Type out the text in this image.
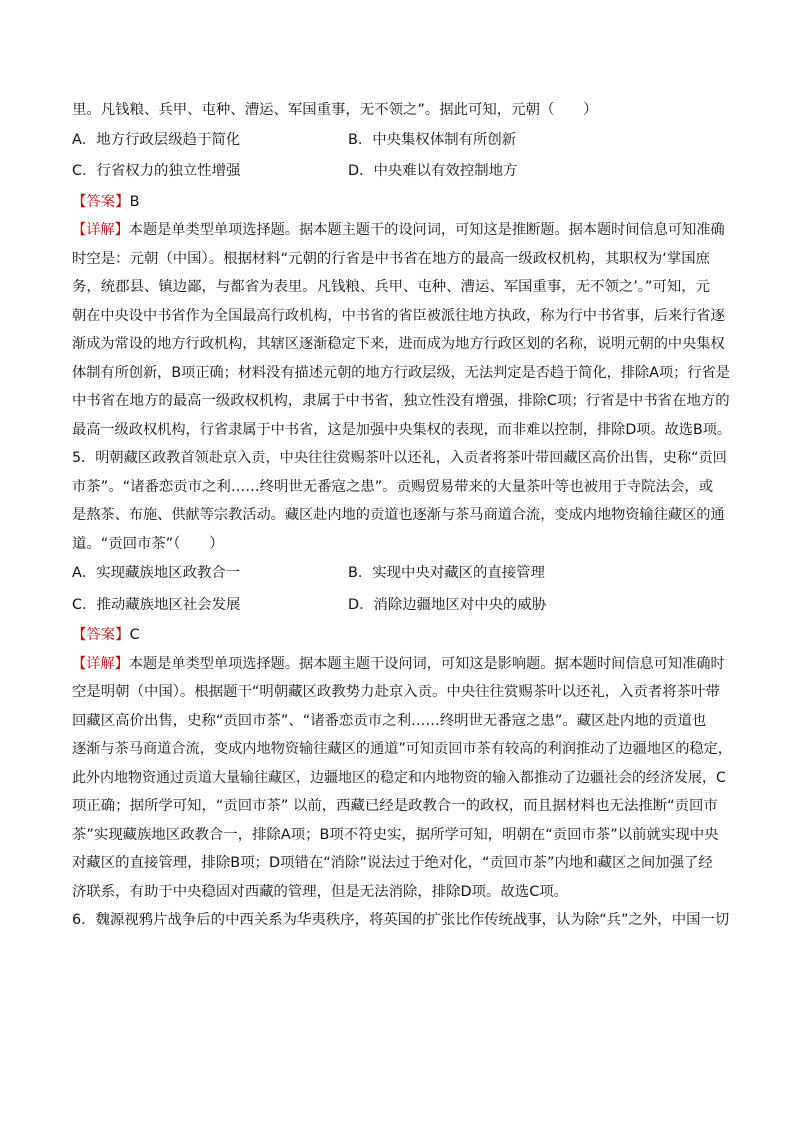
里。凡钱粮、兵甲、屯种、漕运、军国重事，无不领之”。据此可知，元朝（　　）
A．地方行政层级趋于简化	B．中央集权体制有所创新
C．行省权力的独立性增强	D．中央难以有效控制地方
【答案】B
【详解】本题是单类型单项选择题。据本题主题干的设问词，可知这是推断题。据本题时间信息可知准确
时空是：元朝（中国）。根据材料“元朝的行省是中书省在地方的最高一级政权机构，其职权为‘掌国庶
务，统郡县、镇边鄙，与都省为表里。凡钱粮、兵甲、屯种、漕运、军国重事，无不领之’。”可知，元
朝在中央设中书省作为全国最高行政机构，中书省的省臣被派往地方执政，称为行中书省事，后来行省逐
渐成为常设的地方行政机构，其辖区逐渐稳定下来，进而成为地方行政区划的名称，说明元朝的中央集权
体制有所创新，B项正确；材料没有描述元朝的地方行政层级，无法判定是否趋于简化，排除A项；行省是
中书省在地方的最高一级政权机构，隶属于中书省，独立性没有增强，排除C项；行省是中书省在地方的
最高一级政权机构，行省隶属于中书省，这是加强中央集权的表现，而非难以控制，排除D项。故选B项。
5．明朝藏区政教首领赴京入贡，中央往往赏赐茶叶以还礼，入贡者将茶叶带回藏区高价出售，史称“贡回
市茶”。“诸番恋贡市之利……终明世无番寇之患”。贡赐贸易带来的大量茶叶等也被用于寺院法会，或
是熬茶、布施、供献等宗教活动。藏区赴内地的贡道也逐渐与茶马商道合流，变成内地物资输往藏区的通
道。“贡回市茶”（　　）
A．实现藏族地区政教合一	B．实现中央对藏区的直接管理
C．推动藏族地区社会发展	D．消除边疆地区对中央的威胁
【答案】C
【详解】本题是单类型单项选择题。据本题主题干设问词，可知这是影响题。据本题时间信息可知准确时
空是明朝（中国）。根据题干“明朝藏区政教势力赴京入贡。中央往往赏赐茶叶以还礼，入贡者将茶叶带
回藏区高价出售，史称“贡回市茶”、“诸番恋贡市之利……终明世无番寇之患”。藏区赴内地的贡道也
逐渐与茶马商道合流，变成内地物资输往藏区的通道”可知贡回市茶有较高的利润推动了边疆地区的稳定，
此外内地物资通过贡道大量输往藏区，边疆地区的稳定和内地物资的输入都推动了边疆社会的经济发展，C
项正确；据所学可知，“贡回市茶” 以前，西藏已经是政教合一的政权，而且据材料也无法推断“贡回市
茶”实现藏族地区政教合一，排除A项；B项不符史实，据所学可知，明朝在“贡回市茶”以前就实现中央
对藏区的直接管理，排除B项；D项错在“消除”说法过于绝对化，“贡回市茶”内地和藏区之间加强了经
济联系，有助于中央稳固对西藏的管理，但是无法消除，排除D项。故选C项。
6．魏源视鸦片战争后的中西关系为华夷秩序，将英国的扩张比作传统战事，认为除“兵”之外，中国一切
